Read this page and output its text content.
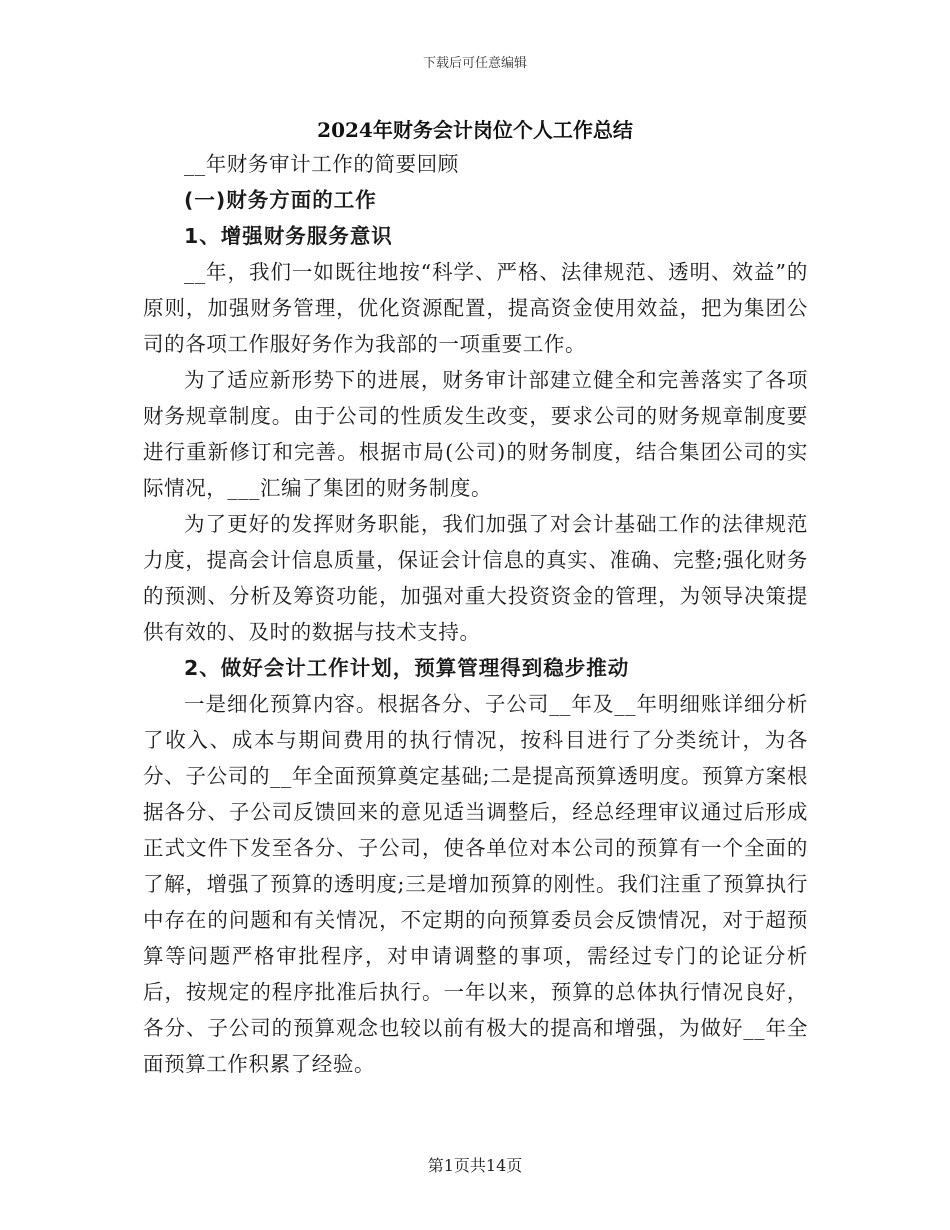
下载后可任意编辑
2024年财务会计岗位个人工作总结

__年财务审计工作的简要回顾

(一)财务方面的工作

1、增强财务服务意识

__年，我们一如既往地按“科学、严格、法律规范、透明、效益”的原则，加强财务管理，优化资源配置，提高资金使用效益，把为集团公司的各项工作服好务作为我部的一项重要工作。

为了适应新形势下的进展，财务审计部建立健全和完善落实了各项财务规章制度。由于公司的性质发生改变，要求公司的财务规章制度要进行重新修订和完善。根据市局(公司)的财务制度，结合集团公司的实际情况，___汇编了集团的财务制度。

为了更好的发挥财务职能，我们加强了对会计基础工作的法律规范力度，提高会计信息质量，保证会计信息的真实、准确、完整;强化财务的预测、分析及筹资功能，加强对重大投资资金的管理，为领导决策提供有效的、及时的数据与技术支持。

2、做好会计工作计划，预算管理得到稳步推动

一是细化预算内容。根据各分、子公司__年及__年明细账详细分析了收入、成本与期间费用的执行情况，按科目进行了分类统计，为各分、子公司的__年全面预算奠定基础;二是提高预算透明度。预算方案根据各分、子公司反馈回来的意见适当调整后，经总经理审议通过后形成正式文件下发至各分、子公司，使各单位对本公司的预算有一个全面的了解，增强了预算的透明度;三是增加预算的刚性。我们注重了预算执行中存在的问题和有关情况，不定期的向预算委员会反馈情况，对于超预算等问题严格审批程序，对申请调整的事项，需经过专门的论证分析后，按规定的程序批准后执行。一年以来，预算的总体执行情况良好，各分、子公司的预算观念也较以前有极大的提高和增强，为做好__年全面预算工作积累了经验。

第1页共14页
